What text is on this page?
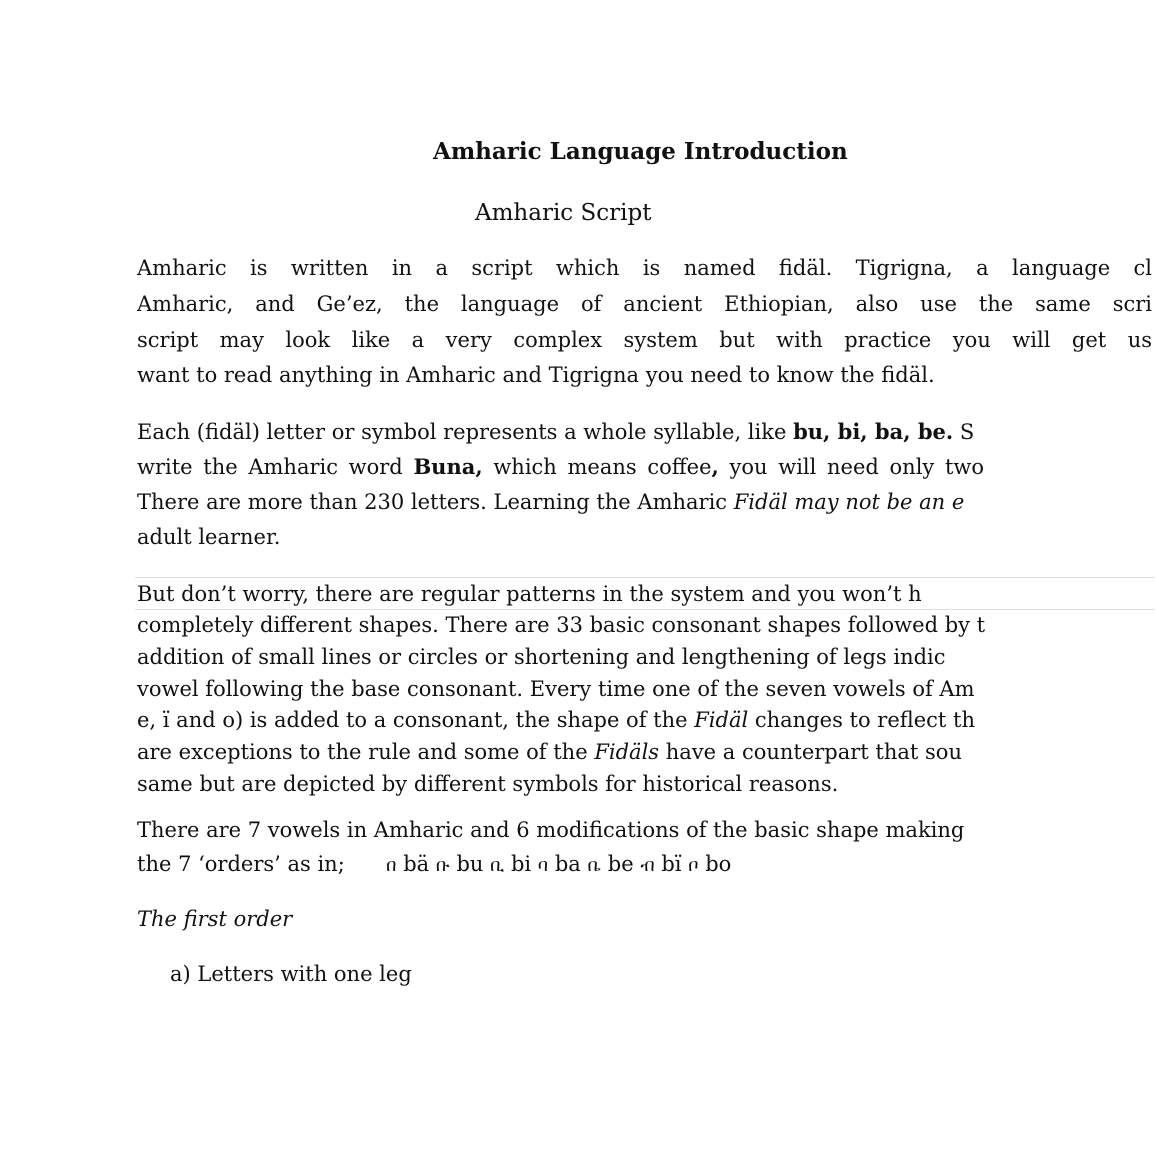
Amharic Language Introduction
Amharic Script
Amharic is written in a script which is named fidäl. Tigrigna, a language cl
Amharic, and Ge’ez, the language of ancient Ethiopian, also use the same scri
script may look like a very complex system but with practice you will get us
want to read anything in Amharic and Tigrigna you need to know the fidäl.
Each (fidäl) letter or symbol represents a whole syllable, like bu, bi, ba, be. S
write the Amharic word Buna, which means coffee, you will need only two
There are more than 230 letters. Learning the Amharic Fidäl may not be an e
adult learner.
But don’t worry, there are regular patterns in the system and you won’t h
completely different shapes. There are 33 basic consonant shapes followed by t
addition of small lines or circles or shortening and lengthening of legs indic
vowel following the base consonant. Every time one of the seven vowels of Am
e, ï and o) is added to a consonant, the shape of the Fidäl changes to reflect th
are exceptions to the rule and some of the Fidäls have a counterpart that sou
same but are depicted by different symbols for historical reasons.
There are 7 vowels in Amharic and 6 modifications of the basic shape making
the 7 ‘orders’ as in; በ bä ቡ bu ቢ bi ባ ba ቤ be ብ bï ቦ bo
The first order
a) Letters with one leg
